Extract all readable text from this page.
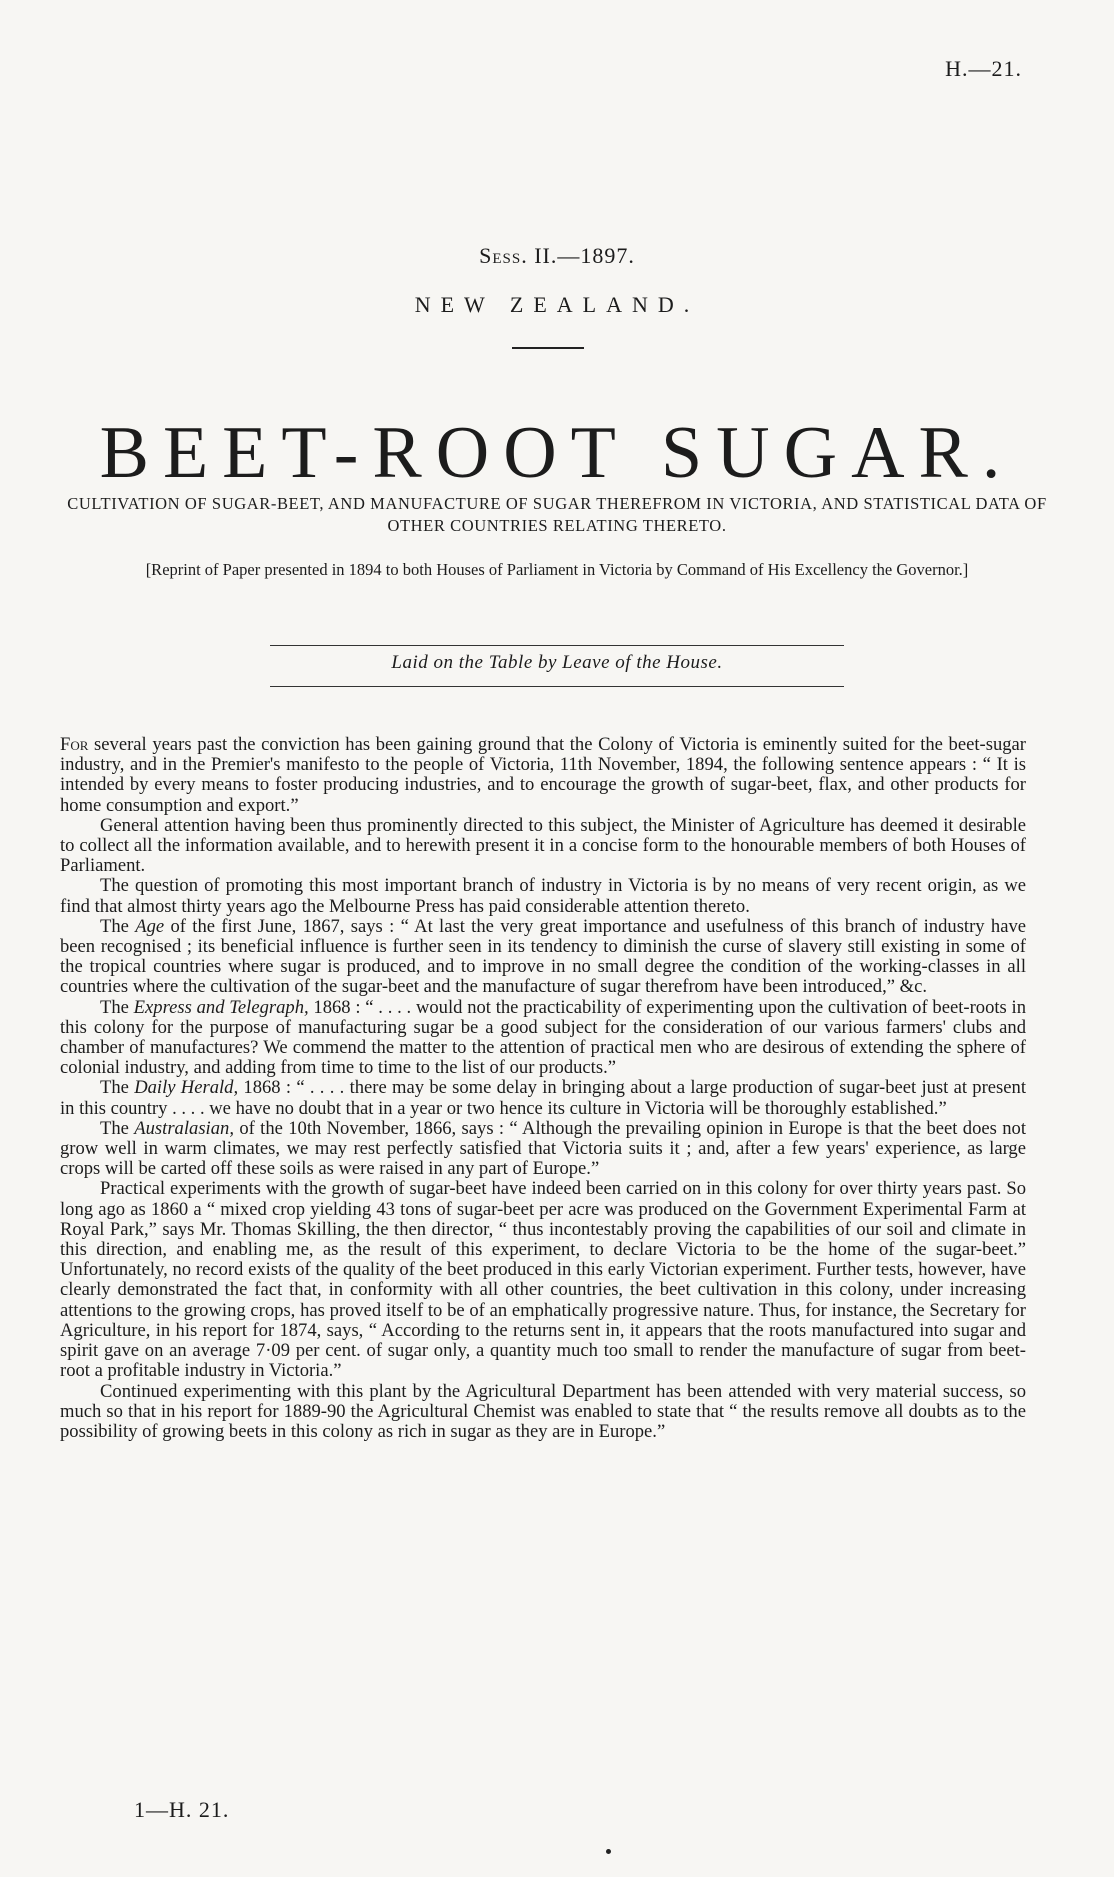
H.—21.
Sess. II.—1897.
NEW ZEALAND.
BEET-ROOT SUGAR.
CULTIVATION OF SUGAR-BEET, AND MANUFACTURE OF SUGAR THEREFROM IN VICTORIA, AND STATISTICAL DATA OF OTHER COUNTRIES RELATING THERETO.
[Reprint of Paper presented in 1894 to both Houses of Parliament in Victoria by Command of His Excellency the Governor.]
Laid on the Table by Leave of the House.

For several years past the conviction has been gaining ground that the Colony of Victoria is eminently suited for the beet-sugar industry, and in the Premier's manifesto to the people of Victoria, 11th November, 1894, the following sentence appears : “ It is intended by every means to foster producing industries, and to encourage the growth of sugar-beet, flax, and other products for home consumption and export.”

General attention having been thus prominently directed to this subject, the Minister of Agriculture has deemed it desirable to collect all the information available, and to herewith present it in a concise form to the honourable members of both Houses of Parliament.

The question of promoting this most important branch of industry in Victoria is by no means of very recent origin, as we find that almost thirty years ago the Melbourne Press has paid considerable attention thereto.

The Age of the first June, 1867, says : “ At last the very great importance and usefulness of this branch of industry have been recognised ; its beneficial influence is further seen in its tendency to diminish the curse of slavery still existing in some of the tropical countries where sugar is produced, and to improve in no small degree the condition of the working-classes in all countries where the cultivation of the sugar-beet and the manufacture of sugar therefrom have been introduced,” &c.

The Express and Telegraph, 1868 : “ . . . . would not the practicability of experimenting upon the cultivation of beet-roots in this colony for the purpose of manufacturing sugar be a good subject for the consideration of our various farmers' clubs and chamber of manufactures? We commend the matter to the attention of practical men who are desirous of extending the sphere of colonial industry, and adding from time to time to the list of our products.”

The Daily Herald, 1868 : “ . . . . there may be some delay in bringing about a large production of sugar-beet just at present in this country . . . . we have no doubt that in a year or two hence its culture in Victoria will be thoroughly established.”

The Australasian, of the 10th November, 1866, says : “ Although the prevailing opinion in Europe is that the beet does not grow well in warm climates, we may rest perfectly satisfied that Victoria suits it ; and, after a few years' experience, as large crops will be carted off these soils as were raised in any part of Europe.”

Practical experiments with the growth of sugar-beet have indeed been carried on in this colony for over thirty years past. So long ago as 1860 a “ mixed crop yielding 43 tons of sugar-beet per acre was produced on the Government Experimental Farm at Royal Park,” says Mr. Thomas Skilling, the then director, “ thus incontestably proving the capabilities of our soil and climate in this direction, and enabling me, as the result of this experiment, to declare Victoria to be the home of the sugar-beet.” Unfortunately, no record exists of the quality of the beet produced in this early Victorian experiment. Further tests, however, have clearly demonstrated the fact that, in conformity with all other countries, the beet cultivation in this colony, under increasing attentions to the growing crops, has proved itself to be of an emphatically progressive nature. Thus, for instance, the Secretary for Agriculture, in his report for 1874, says, “ According to the returns sent in, it appears that the roots manufactured into sugar and spirit gave on an average 7·09 per cent. of sugar only, a quantity much too small to render the manufacture of sugar from beet-root a profitable industry in Victoria.”

Continued experimenting with this plant by the Agricultural Department has been attended with very material success, so much so that in his report for 1889-90 the Agricultural Chemist was enabled to state that “ the results remove all doubts as to the possibility of growing beets in this colony as rich in sugar as they are in Europe.”

1—H. 21.
